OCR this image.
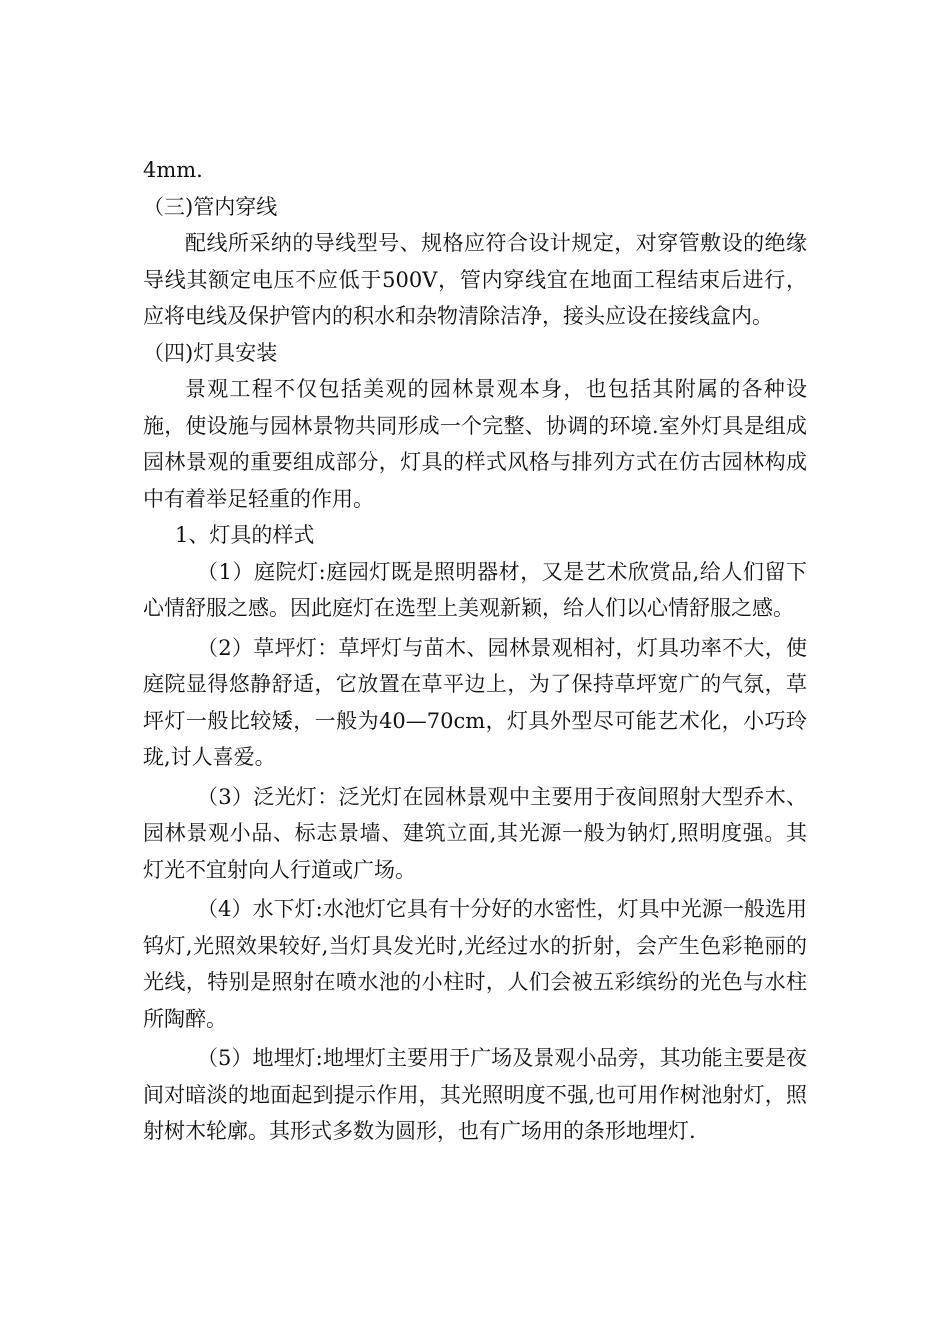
4mm.

（三)管内穿线

配线所采纳的导线型号、规格应符合设计规定，对穿管敷设的绝缘导线其额定电压不应低于500V，管内穿线宜在地面工程结束后进行，应将电线及保护管内的积水和杂物清除洁净，接头应设在接线盒内。

（四)灯具安装

景观工程不仅包括美观的园林景观本身，也包括其附属的各种设施，使设施与园林景物共同形成一个完整、协调的环境.室外灯具是组成园林景观的重要组成部分，灯具的样式风格与排列方式在仿古园林构成中有着举足轻重的作用。

1、灯具的样式

（1）庭院灯:庭园灯既是照明器材，又是艺术欣赏品,给人们留下心情舒服之感。因此庭灯在选型上美观新颖，给人们以心情舒服之感。

（2）草坪灯：草坪灯与苗木、园林景观相衬，灯具功率不大，使庭院显得悠静舒适，它放置在草平边上，为了保持草坪宽广的气氛，草坪灯一般比较矮，一般为40—70cm，灯具外型尽可能艺术化，小巧玲珑,讨人喜爱。

（3）泛光灯：泛光灯在园林景观中主要用于夜间照射大型乔木、园林景观小品、标志景墙、建筑立面,其光源一般为钠灯,照明度强。其灯光不宜射向人行道或广场。

（4）水下灯:水池灯它具有十分好的水密性，灯具中光源一般选用钨灯,光照效果较好,当灯具发光时,光经过水的折射，会产生色彩艳丽的光线，特别是照射在喷水池的小柱时，人们会被五彩缤纷的光色与水柱所陶醉。

（5）地埋灯:地埋灯主要用于广场及景观小品旁，其功能主要是夜间对暗淡的地面起到提示作用，其光照明度不强,也可用作树池射灯，照射树木轮廓。其形式多数为圆形，也有广场用的条形地埋灯.
